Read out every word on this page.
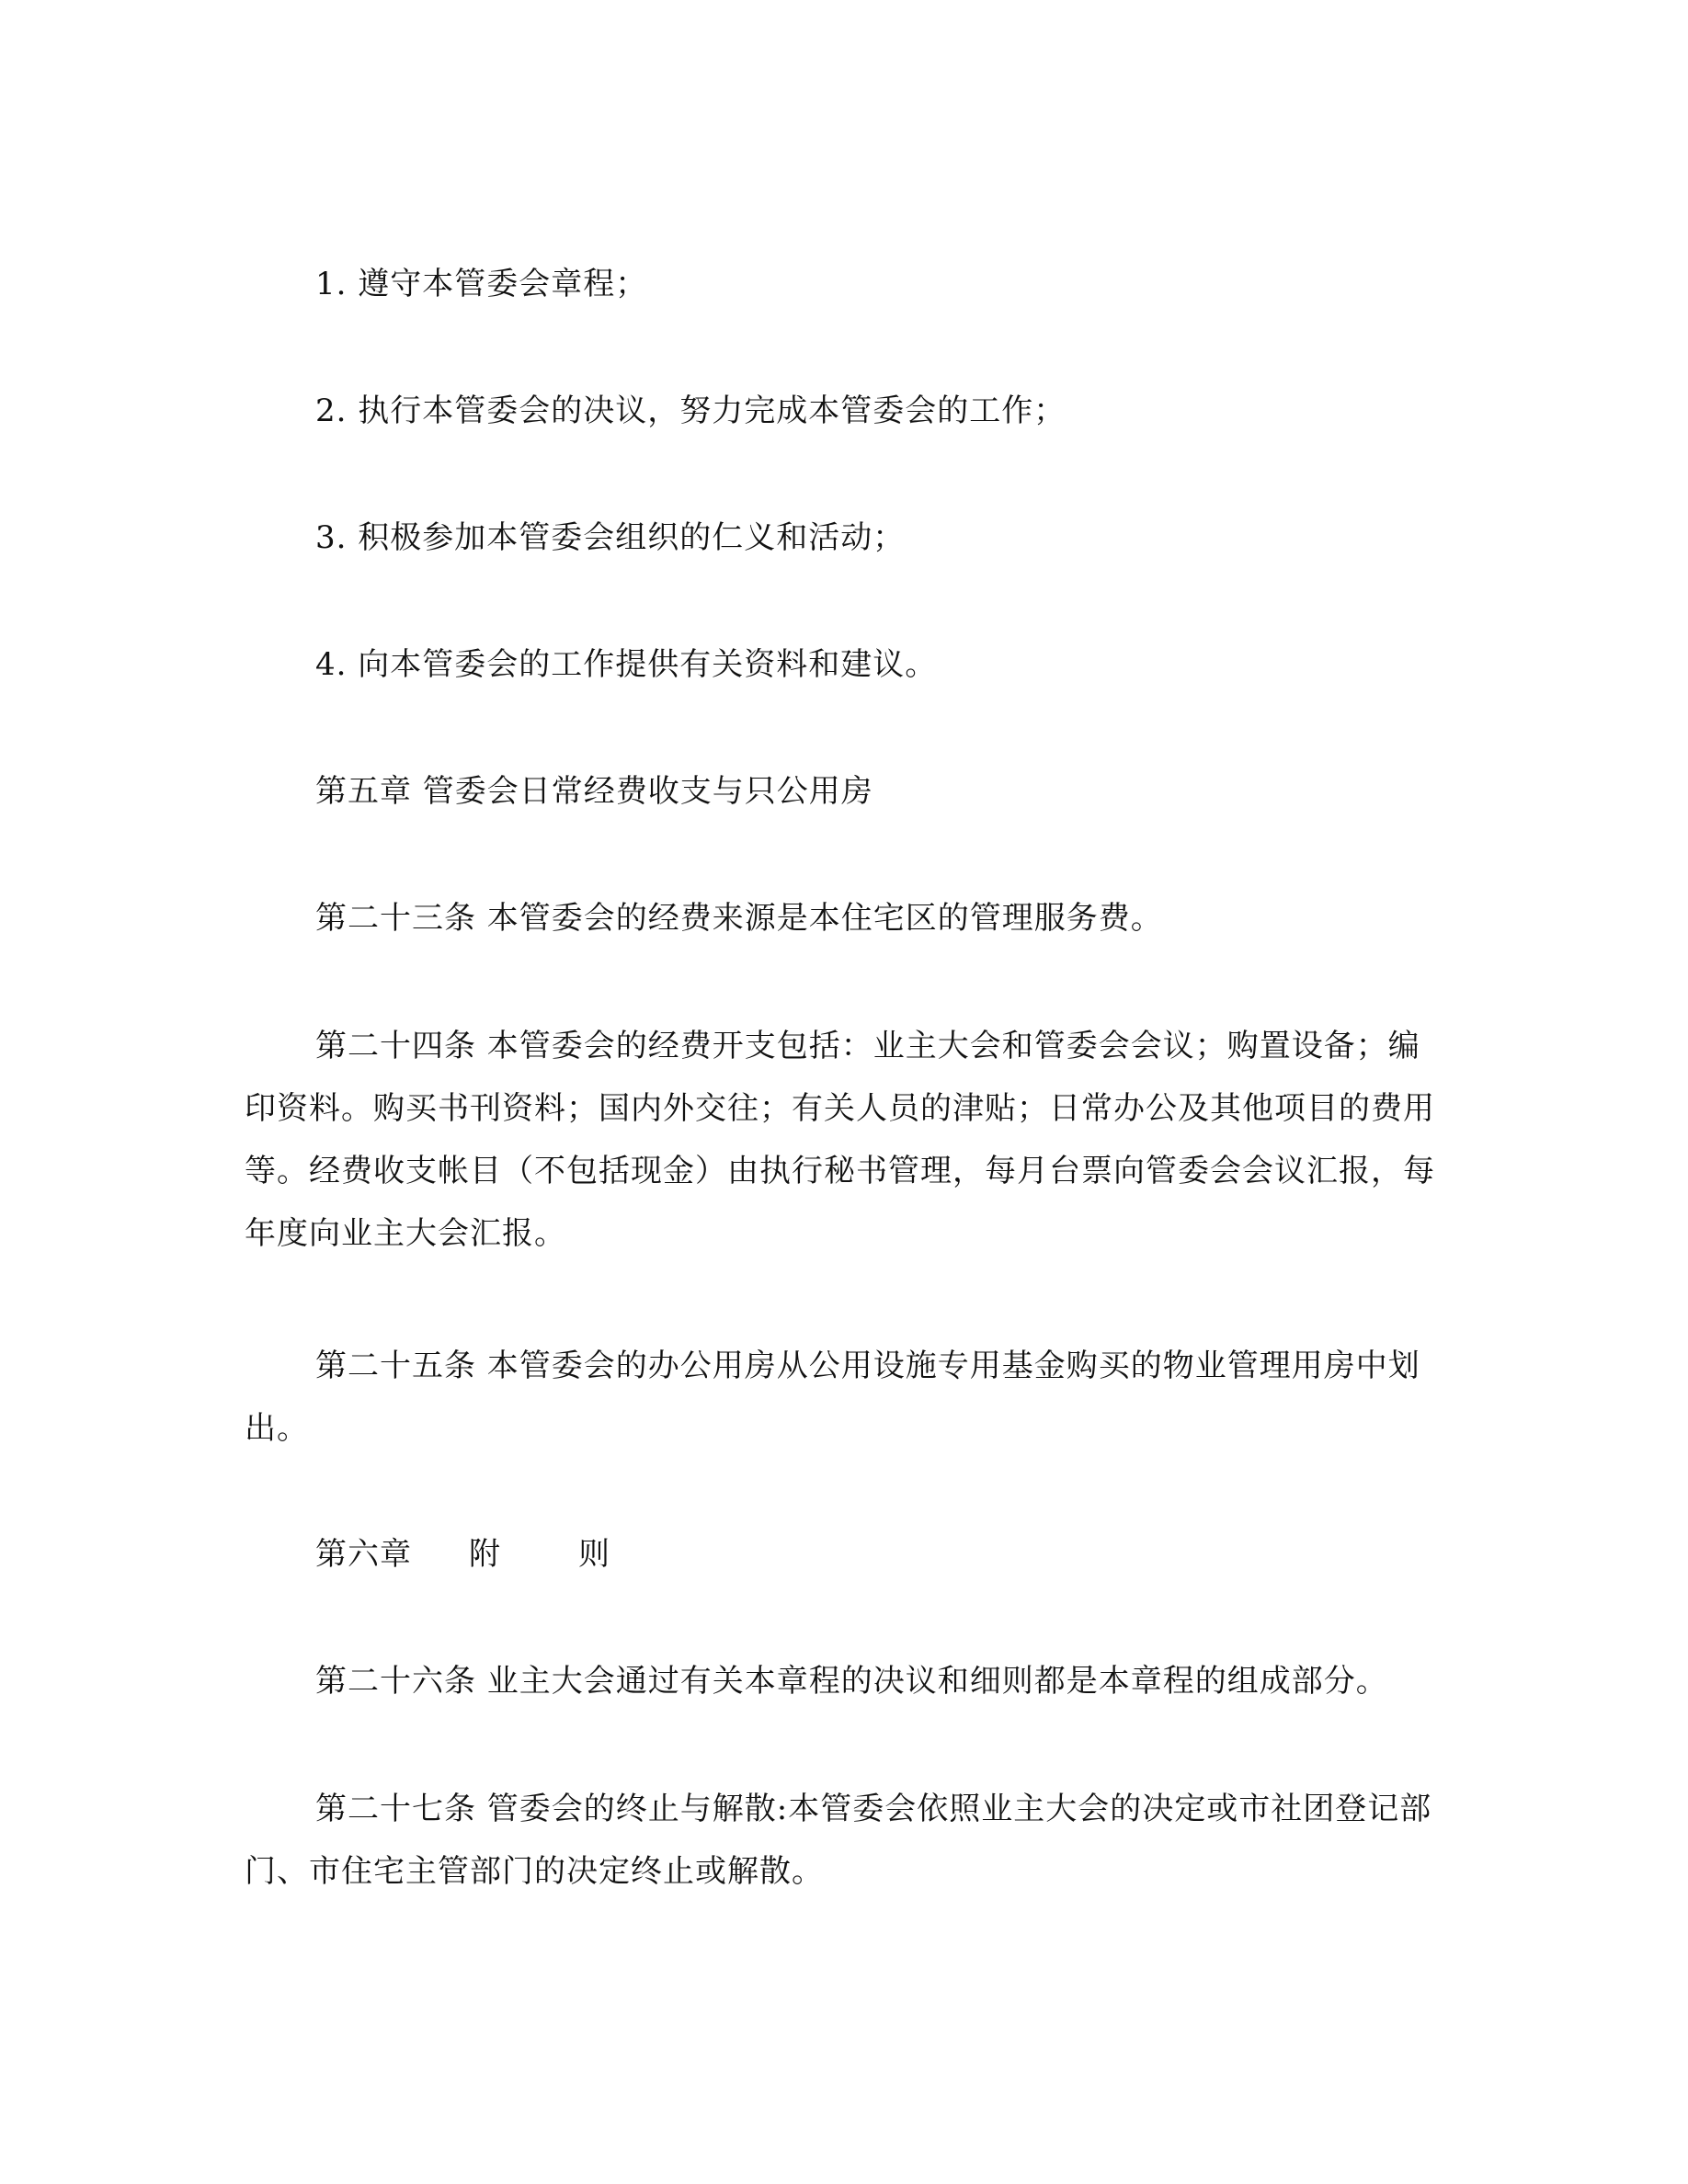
1. 遵守本管委会章程；
2. 执行本管委会的决议，努力完成本管委会的工作；
3. 积极参加本管委会组织的仁义和活动；
4. 向本管委会的工作提供有关资料和建议。
第五章 管委会日常经费收支与只公用房
第二十三条 本管委会的经费来源是本住宅区的管理服务费。

第二十四条 本管委会的经费开支包括：业主大会和管委会会议；购置设备；编印资料。购买书刊资料；国内外交往；有关人员的津贴；日常办公及其他项目的费用等。经费收支帐目（不包括现金）由执行秘书管理，每月台票向管委会会议汇报，每年度向业主大会汇报。

第二十五条 本管委会的办公用房从公用设施专用基金购买的物业管理用房中划出。

第六章 附 则
第二十六条 业主大会通过有关本章程的决议和细则都是本章程的组成部分。

第二十七条 管委会的终止与解散:本管委会依照业主大会的决定或市社团登记部门、市住宅主管部门的决定终止或解散。
